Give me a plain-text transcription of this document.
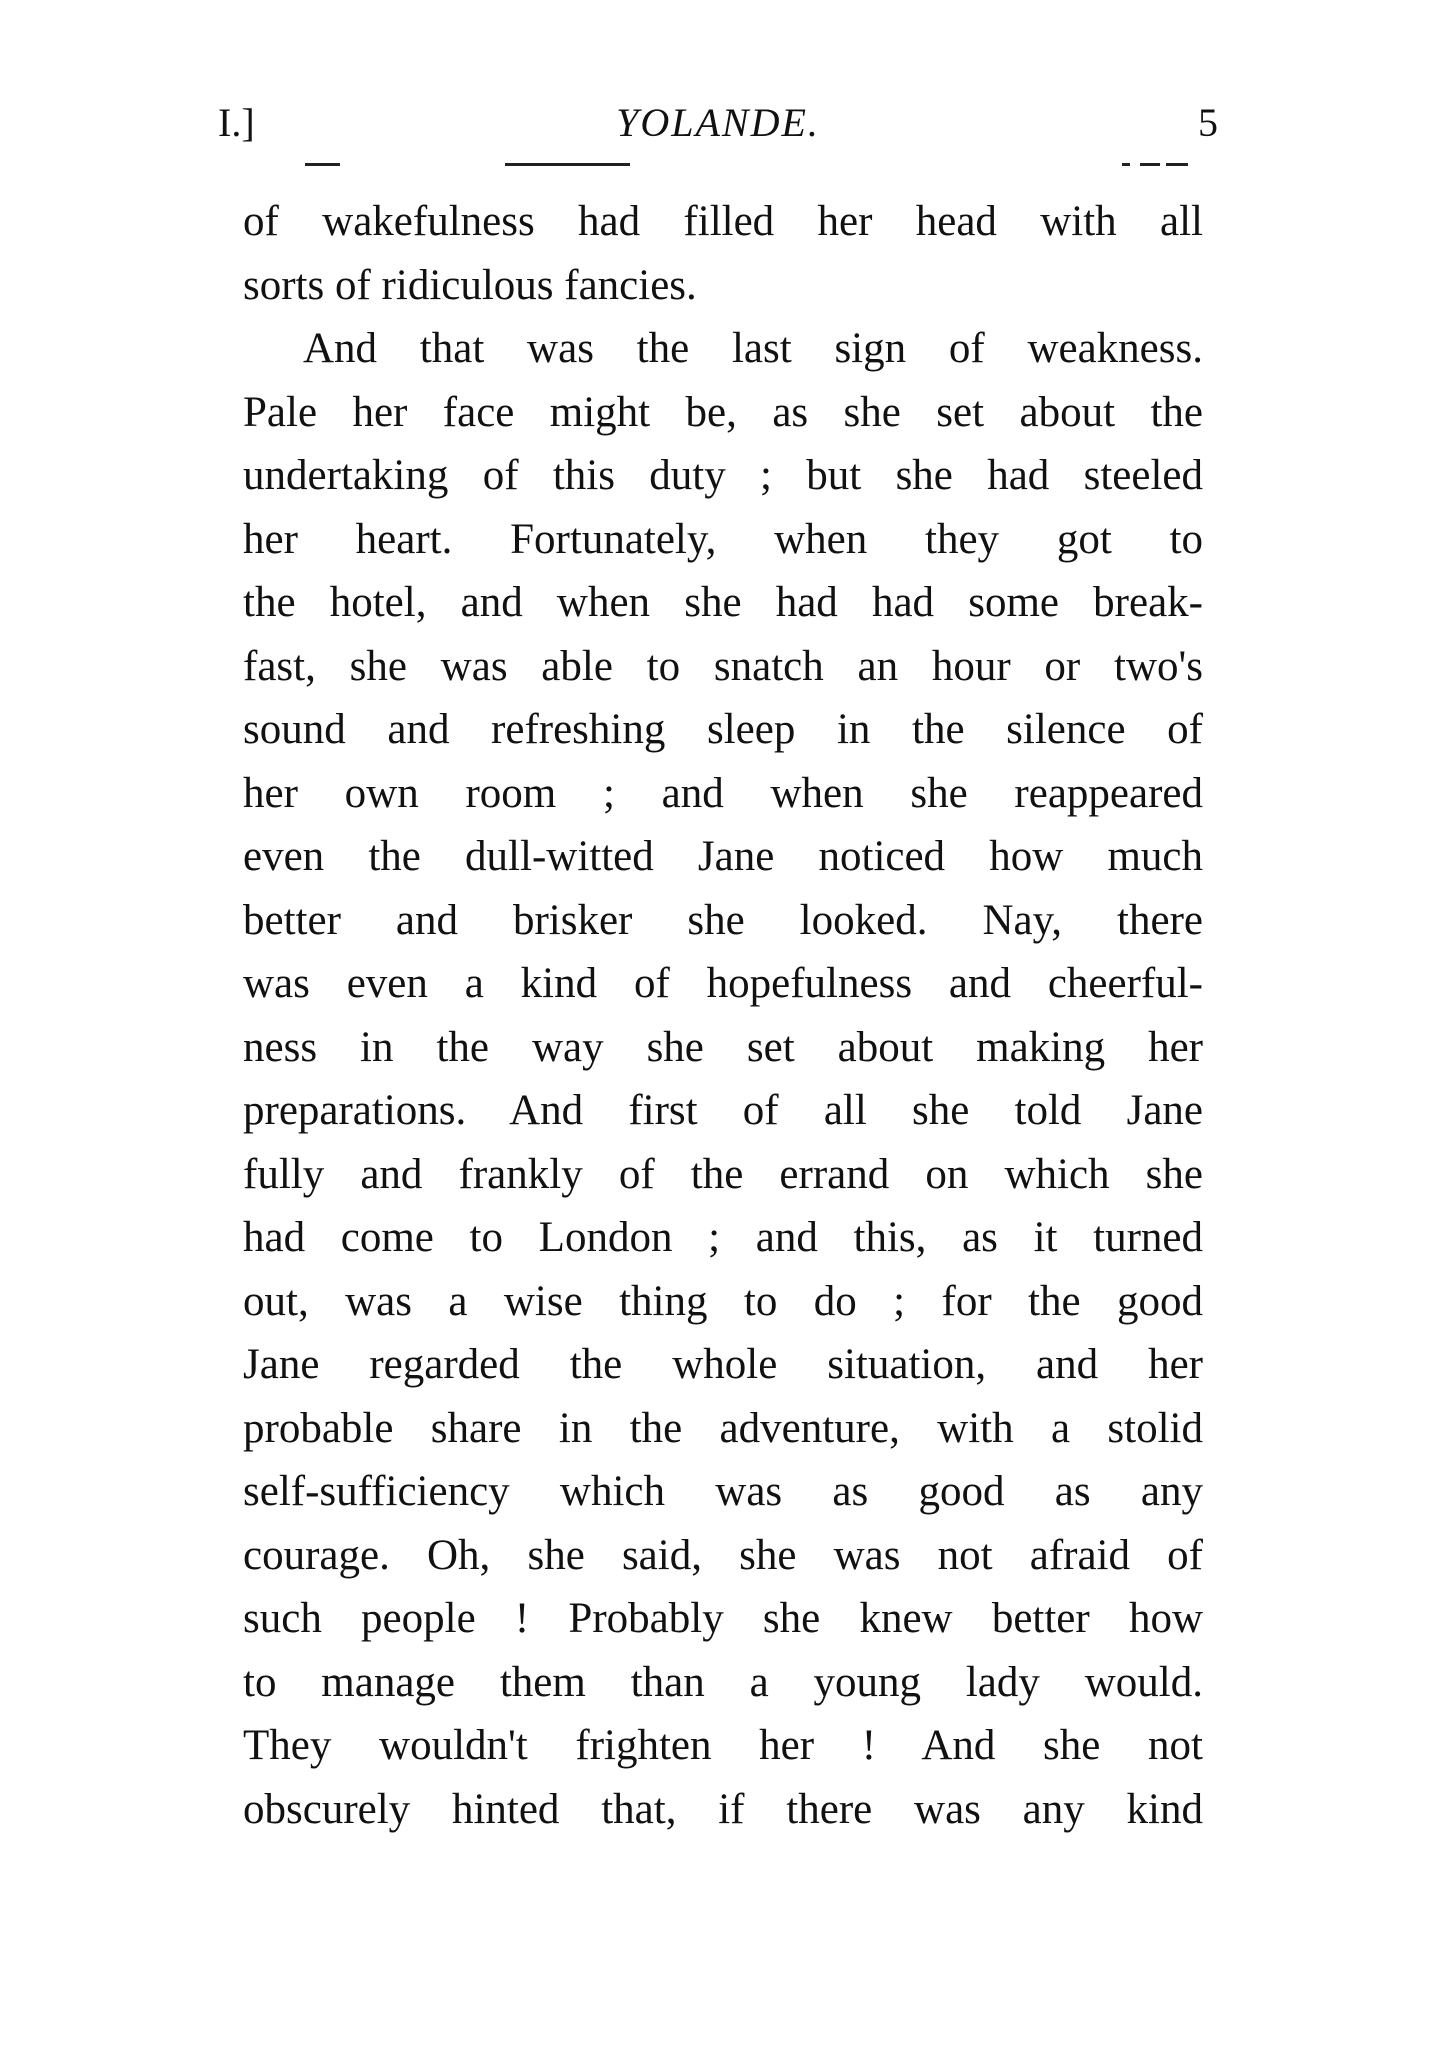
I.]	YOLANDE.	5
of wakefulness had filled her head with all
sorts of ridiculous fancies.
And that was the last sign of weakness.
Pale her face might be, as she set about the
undertaking of this duty ; but she had steeled
her heart. Fortunately, when they got to
the hotel, and when she had had some break-
fast, she was able to snatch an hour or two's
sound and refreshing sleep in the silence of
her own room ; and when she reappeared
even the dull-witted Jane noticed how much
better and brisker she looked. Nay, there
was even a kind of hopefulness and cheerful-
ness in the way she set about making her
preparations. And first of all she told Jane
fully and frankly of the errand on which she
had come to London ; and this, as it turned
out, was a wise thing to do ; for the good
Jane regarded the whole situation, and her
probable share in the adventure, with a stolid
self-sufficiency which was as good as any
courage. Oh, she said, she was not afraid of
such people ! Probably she knew better how
to manage them than a young lady would.
They wouldn't frighten her ! And she not
obscurely hinted that, if there was any kind
